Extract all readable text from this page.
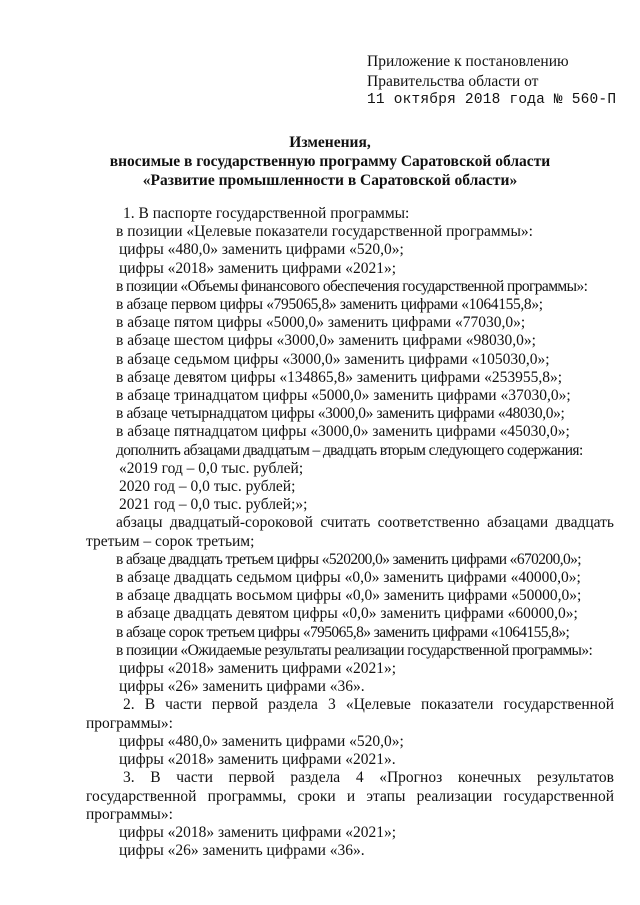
Приложение к постановлению
Правительства области от
11 октября 2018 года № 560-П
Изменения,
вносимые в государственную программу Саратовской области
«Развитие промышленности в Саратовской области»
1. В паспорте государственной программы:
в позиции «Целевые показатели государственной программы»:
цифры «480,0» заменить цифрами «520,0»;
цифры «2018» заменить цифрами «2021»;
в позиции «Объемы финансового обеспечения государственной программы»:
в абзаце первом цифры «795065,8» заменить цифрами «1064155,8»;
в абзаце пятом цифры «5000,0» заменить цифрами «77030,0»;
в абзаце шестом цифры «3000,0» заменить цифрами «98030,0»;
в абзаце седьмом цифры «3000,0» заменить цифрами «105030,0»;
в абзаце девятом цифры «134865,8» заменить цифрами «253955,8»;
в абзаце тринадцатом цифры «5000,0» заменить цифрами «37030,0»;
в абзаце четырнадцатом цифры «3000,0» заменить цифрами «48030,0»;
в абзаце пятнадцатом цифры «3000,0» заменить цифрами «45030,0»;
дополнить абзацами двадцатым – двадцать вторым следующего содержания:
«2019 год – 0,0 тыс. рублей;
2020 год – 0,0 тыс. рублей;
2021 год – 0,0 тыс. рублей;»;
абзацы двадцатый-сороковой считать соответственно абзацами двадцать
третьим – сорок третьим;
в абзаце двадцать третьем цифры «520200,0» заменить цифрами «670200,0»;
в абзаце двадцать седьмом цифры «0,0» заменить цифрами «40000,0»;
в абзаце двадцать восьмом цифры «0,0» заменить цифрами «50000,0»;
в абзаце двадцать девятом цифры «0,0» заменить цифрами «60000,0»;
в абзаце сорок третьем цифры «795065,8» заменить цифрами «1064155,8»;
в позиции «Ожидаемые результаты реализации государственной программы»:
цифры «2018» заменить цифрами «2021»;
цифры «26» заменить цифрами «36».
2. В части первой раздела 3 «Целевые показатели государственной
программы»:
цифры «480,0» заменить цифрами «520,0»;
цифры «2018» заменить цифрами «2021».
3. В части первой раздела 4 «Прогноз конечных результатов
государственной программы, сроки и этапы реализации государственной
программы»:
цифры «2018» заменить цифрами «2021»;
цифры «26» заменить цифрами «36».
